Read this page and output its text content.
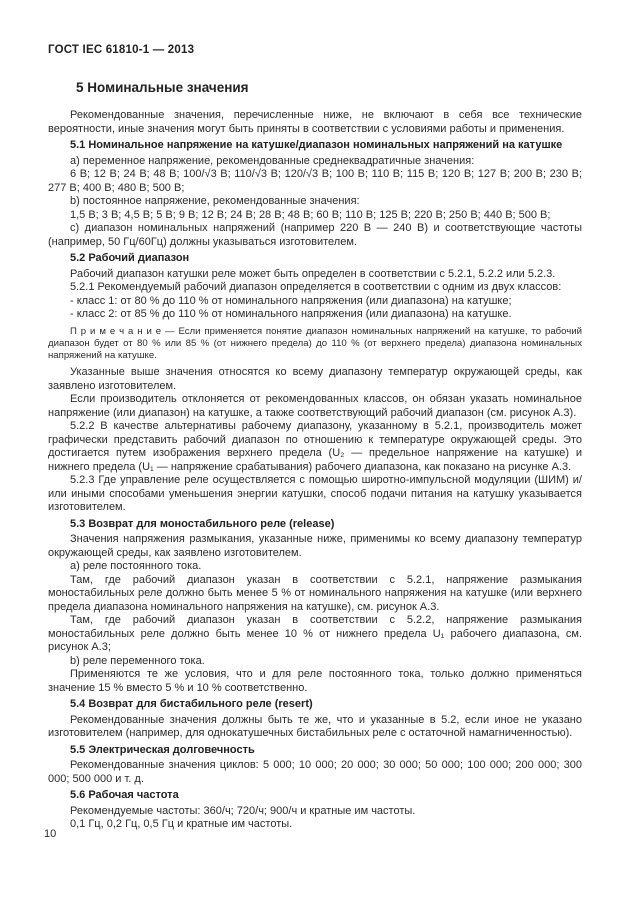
ГОСТ IEC 61810-1 — 2013

5 Номинальные значения

Рекомендованные значения, перечисленные ниже, не включают в себя все технические вероятности, иные значения могут быть приняты в соответствии с условиями работы и применения.

5.1 Номинальное напряжение на катушке/диапазон номинальных напряжений на катушке

a) переменное напряжение, рекомендованные среднеквадратичные значения:

6 В; 12 В; 24 В; 48 В; 100/√3 В; 110/√3 В; 120/√3 В; 100 В; 110 В; 115 В; 120 В; 127 В; 200 В; 230 В; 277 В; 400 В; 480 В; 500 В;

b) постоянное напряжение, рекомендованные значения:

1,5 В; 3 В; 4,5 В; 5 В; 9 В; 12 В; 24 В; 28 В; 48 В; 60 В; 110 В; 125 В; 220 В; 250 В; 440 В; 500 В;

c) диапазон номинальных напряжений (например 220 В — 240 В) и соответствующие частоты (например, 50 Гц/60Гц) должны указываться изготовителем.

5.2 Рабочий диапазон

Рабочий диапазон катушки реле может быть определен в соответствии с 5.2.1, 5.2.2 или 5.2.3.

5.2.1 Рекомендуемый рабочий диапазон определяется в соответствии с одним из двух классов:

- класс 1: от 80 % до 110 % от номинального напряжения (или диапазона) на катушке;

- класс 2: от 85 % до 110 % от номинального напряжения (или диапазона) на катушке.

П р и м е ч а н и е — Если применяется понятие диапазон номинальных напряжений на катушке, то рабочий диапазон будет от 80 % или 85 % (от нижнего предела) до 110 % (от верхнего предела) диапазона номинальных напряжений на катушке.

Указанные выше значения относятся ко всему диапазону температур окружающей среды, как заявлено изготовителем.

Если производитель отклоняется от рекомендованных классов, он обязан указать номинальное напряжение (или диапазон) на катушке, а также соответствующий рабочий диапазон (см. рисунок А.3).

5.2.2 В качестве альтернативы рабочему диапазону, указанному в 5.2.1, производитель может графически представить рабочий диапазон по отношению к температуре окружающей среды. Это достигается путем изображения верхнего предела (U₂ — предельное напряжение на катушке) и нижнего предела (U₁ — напряжение срабатывания) рабочего диапазона, как показано на рисунке А.3.

5.2.3 Где управление реле осуществляется с помощью широтно-импульсной модуляции (ШИМ) и/или иными способами уменьшения энергии катушки, способ подачи питания на катушку указывается изготовителем.

5.3 Возврат для моностабильного реле (release)

Значения напряжения размыкания, указанные ниже, применимы ко всему диапазону температур окружающей среды, как заявлено изготовителем.

а) реле постоянного тока.

Там, где рабочий диапазон указан в соответствии с 5.2.1, напряжение размыкания моностабильных реле должно быть менее 5 % от номинального напряжения на катушке (или верхнего предела диапазона номинального напряжения на катушке), см. рисунок А.3.

Там, где рабочий диапазон указан в соответствии с 5.2.2, напряжение размыкания моностабильных реле должно быть менее 10 % от нижнего предела U₁ рабочего диапазона, см. рисунок А.3;

b) реле переменного тока.

Применяются те же условия, что и для реле постоянного тока, только должно применяться значение 15 % вместо 5 % и 10 % соответственно.

5.4 Возврат для бистабильного реле (resert)

Рекомендованные значения должны быть те же, что и указанные в 5.2, если иное не указано изготовителем (например, для однокатушечных бистабильных реле с остаточной намагниченностью).

5.5 Электрическая долговечность

Рекомендованные значения циклов: 5 000; 10 000; 20 000; 30 000; 50 000; 100 000; 200 000; 300 000; 500 000 и т. д.

5.6 Рабочая частота

Рекомендуемые частоты: 360/ч; 720/ч; 900/ч и кратные им частоты.

0,1 Гц, 0,2 Гц, 0,5 Гц и кратные им частоты.

10
